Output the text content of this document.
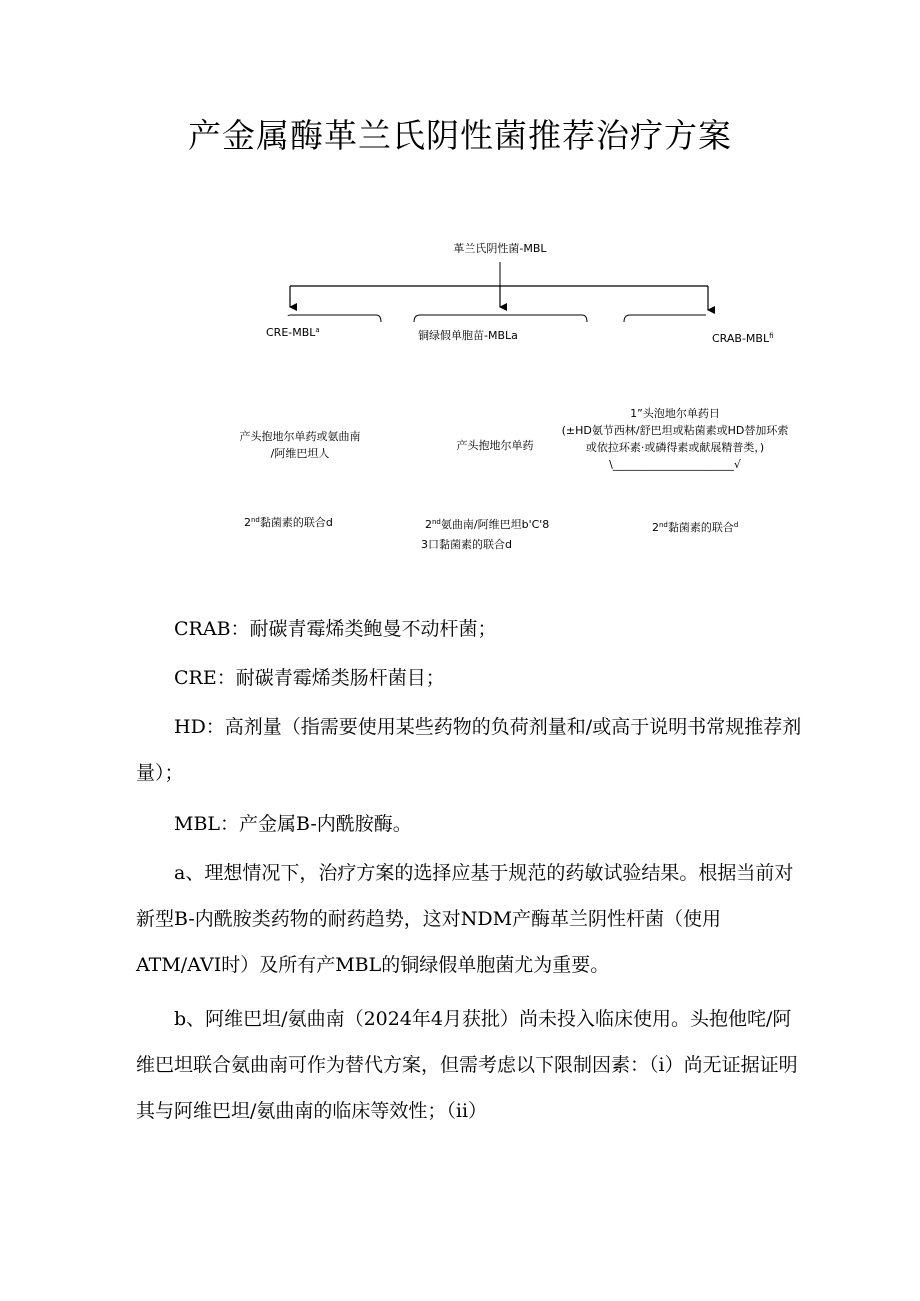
产金属酶革兰氏阴性菌推荐治疗方案
革兰氏阴性菌-MBL
CRE-MBL$^a$	铜绿假单胞苗-MBLa	CRAB-$MBL^{fi}$
产头抱地尔单药或氨曲南
/阿维巴坦人
产头抱地尔单药
1”头泡地尔单药日
(±HD氨节西林/舒巴坦或粘菌素或HD替加环索
或依拉环素·或磷得素或献展精普类，)
\______________________√
2nd黏菌素的联合d	2nd氨曲南/阿维巴坦b'C'8
3口黏菌素的联合d
2nd黏菌素的联合$^d$

CRAB：耐碳青霉烯类鲍曼不动杆菌；

CRE：耐碳青霉烯类肠杆菌目；

HD：高剂量（指需要使用某些药物的负荷剂量和/或高于说明书常规推荐剂量）；

MBL：产金属B-内酰胺酶。

a、理想情况下，治疗方案的选择应基于规范的药敏试验结果。根据当前对新型B-内酰胺类药物的耐药趋势，这对NDM产酶革兰阴性杆菌（使用ATM/AVI时）及所有产MBL的铜绿假单胞菌尤为重要。

b、阿维巴坦/氨曲南（2024年4月获批）尚未投入临床使用。头抱他咤/阿维巴坦联合氨曲南可作为替代方案，但需考虑以下限制因素：（i）尚无证据证明其与阿维巴坦/氨曲南的临床等效性；（ii）
